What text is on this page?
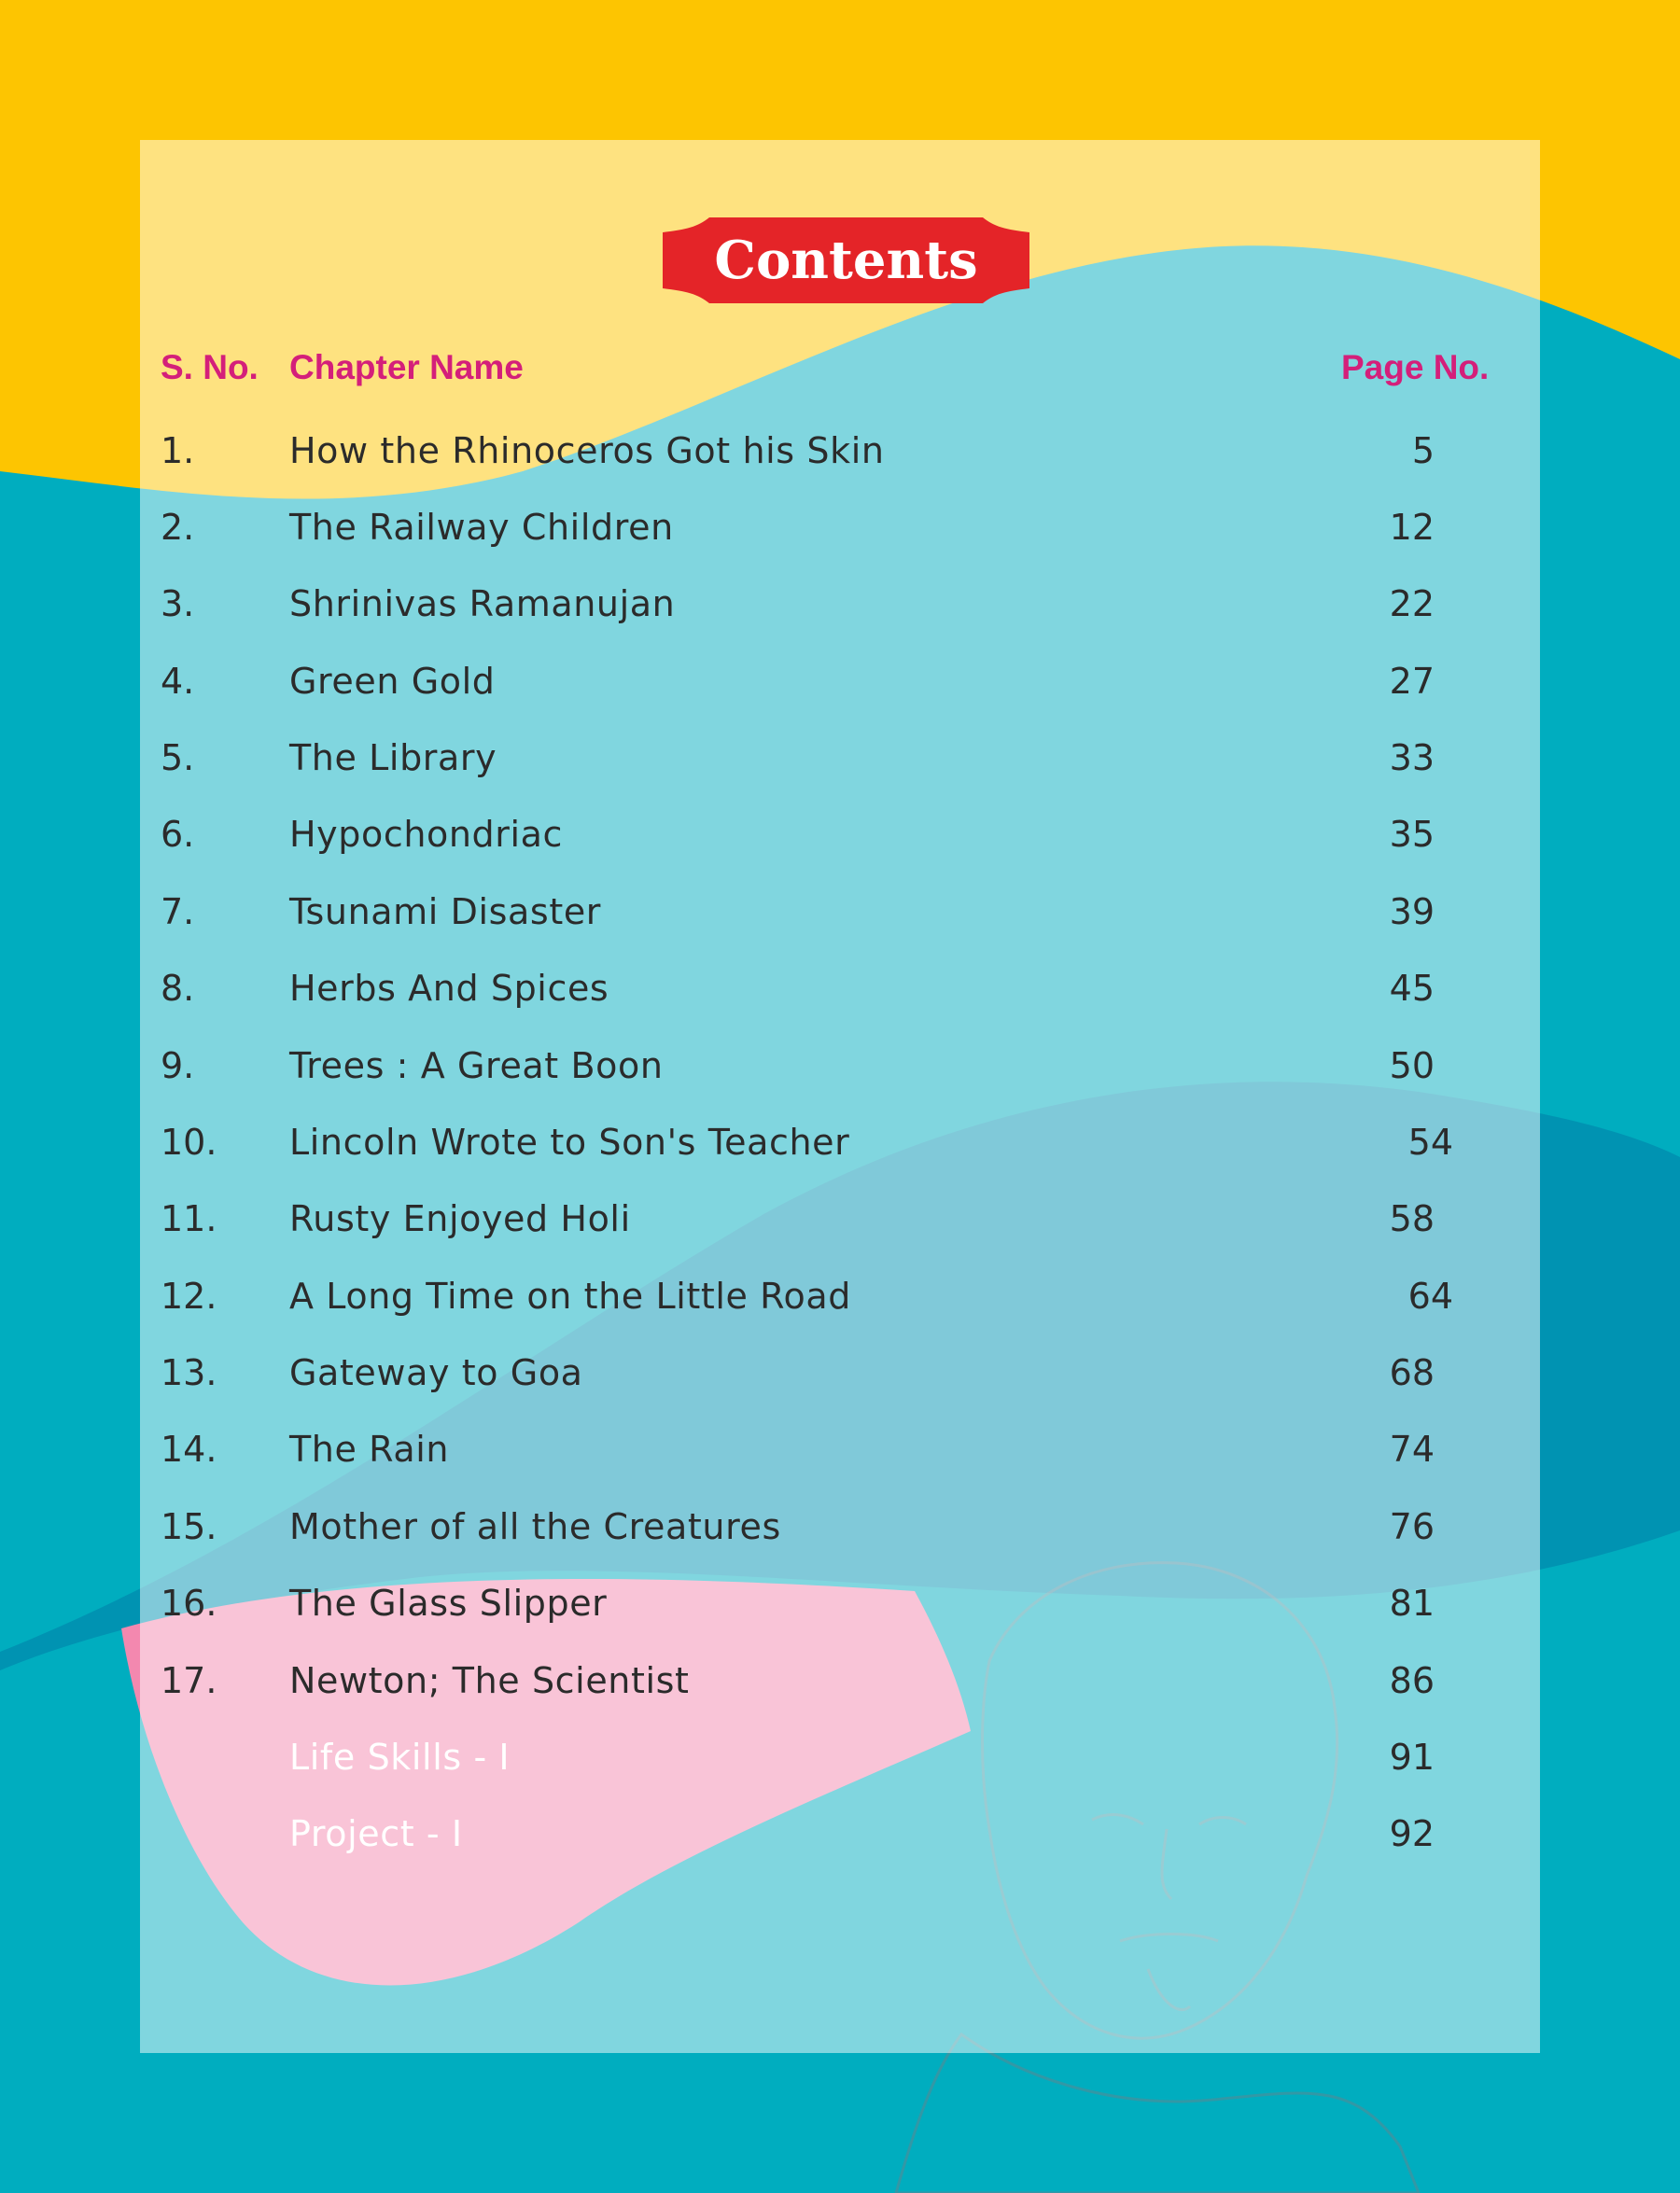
Contents
S. No. Chapter Name	Page No.
1.	How the Rhinoceros Got his Skin	5
2.	The Railway Children	12
3.	Shrinivas Ramanujan	22
4.	Green Gold	27
5.	The Library	33
6.	Hypochondriac	35
7.	Tsunami Disaster	39
8.	Herbs And Spices	45
9.	Trees : A Great Boon	50
10. Lincoln Wrote to Son's Teacher	54
11. Rusty Enjoyed Holi	58
12. A Long Time on the Little Road	64
13. Gateway to Goa	68
14. The Rain	74
15. Mother of all the Creatures	76
16. The Glass Slipper	81
17. Newton; The Scientist	86
Life Skills - I	91
Project - I	92
